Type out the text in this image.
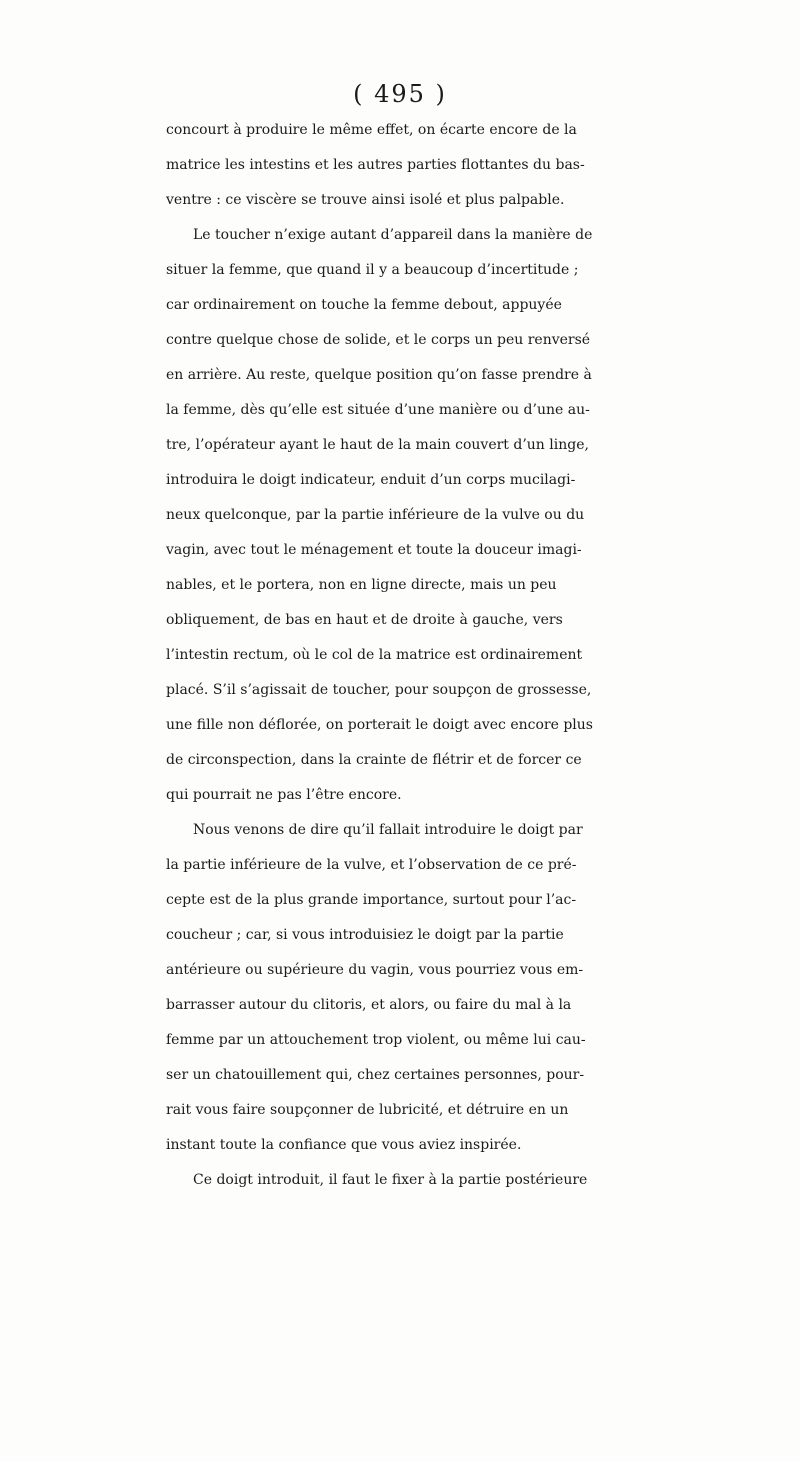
( 495 )
concourt à produire le même effet, on écarte encore de la
matrice les intestins et les autres parties flottantes du bas-
ventre : ce viscère se trouve ainsi isolé et plus palpable.
Le toucher n’exige autant d’appareil dans la manière de
situer la femme, que quand il y a beaucoup d’incertitude ;
car ordinairement on touche la femme debout, appuyée
contre quelque chose de solide, et le corps un peu renversé
en arrière. Au reste, quelque position qu’on fasse prendre à
la femme, dès qu’elle est située d’une manière ou d’une au-
tre, l’opérateur ayant le haut de la main couvert d’un linge,
introduira le doigt indicateur, enduit d’un corps mucilagi-
neux quelconque, par la partie inférieure de la vulve ou du
vagin, avec tout le ménagement et toute la douceur imagi-
nables, et le portera, non en ligne directe, mais un peu
obliquement, de bas en haut et de droite à gauche, vers
l’intestin rectum, où le col de la matrice est ordinairement
placé. S’il s’agissait de toucher, pour soupçon de grossesse,
une fille non déflorée, on porterait le doigt avec encore plus
de circonspection, dans la crainte de flétrir et de forcer ce
qui pourrait ne pas l’être encore.
Nous venons de dire qu’il fallait introduire le doigt par
la partie inférieure de la vulve, et l’observation de ce pré-
cepte est de la plus grande importance, surtout pour l’ac-
coucheur ; car, si vous introduisiez le doigt par la partie
antérieure ou supérieure du vagin, vous pourriez vous em-
barrasser autour du clitoris, et alors, ou faire du mal à la
femme par un attouchement trop violent, ou même lui cau-
ser un chatouillement qui, chez certaines personnes, pour-
rait vous faire soupçonner de lubricité, et détruire en un
instant toute la confiance que vous aviez inspirée.
Ce doigt introduit, il faut le fixer à la partie postérieure
